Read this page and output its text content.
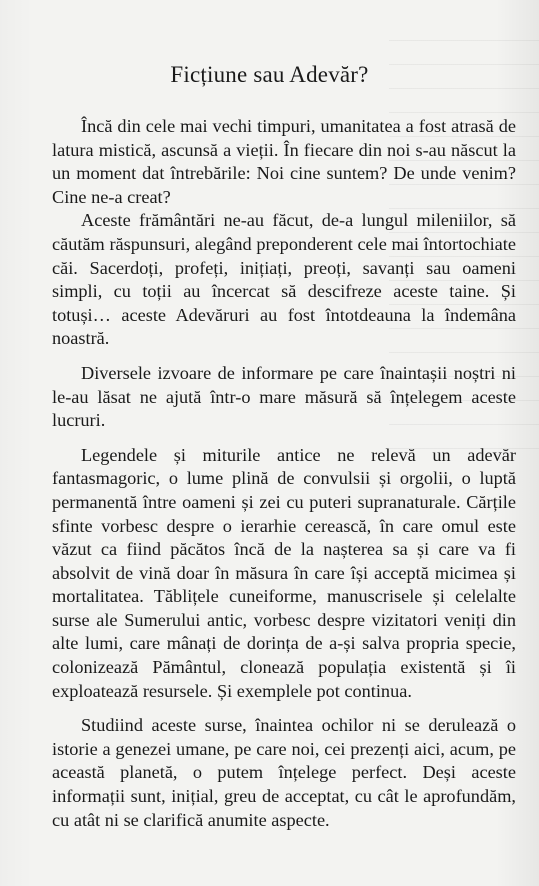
Ficțiune sau Adevăr?

Încă din cele mai vechi timpuri, umanitatea a fost atrasă de latura mistică, ascunsă a vieții. În fiecare din noi s-au născut la un moment dat întrebările: Noi cine suntem? De unde venim? Cine ne-a creat?

Aceste frământări ne-au făcut, de-a lungul mileniilor, să căutăm răspunsuri, alegând preponderent cele mai întortochiate căi. Sacerdoți, profeți, inițiați, preoți, savanți sau oameni simpli, cu toții au încercat să descifreze aceste taine. Și totuși… aceste Adevăruri au fost întotdeauna la îndemâna noastră.

Diversele izvoare de informare pe care înaintașii noștri ni le-au lăsat ne ajută într-o mare măsură să înțelegem aceste lucruri.

Legendele și miturile antice ne relevă un adevăr fantasmagoric, o lume plină de convulsii și orgolii, o luptă permanentă între oameni și zei cu puteri supranaturale. Cărțile sfinte vorbesc despre o ierarhie cerească, în care omul este văzut ca fiind păcătos încă de la nașterea sa și care va fi absolvit de vină doar în măsura în care își acceptă micimea și mortalitatea. Tăblițele cuneiforme, manuscrisele și celelalte surse ale Sumerului antic, vorbesc despre vizitatori veniți din alte lumi, care mânați de dorința de a-și salva propria specie, colonizează Pământul, clonează populația existentă și îi exploatează resursele. Și exemplele pot continua.

Studiind aceste surse, înaintea ochilor ni se derulează o istorie a genezei umane, pe care noi, cei prezenți aici, acum, pe această planetă, o putem înțelege perfect. Deși aceste informații sunt, inițial, greu de acceptat, cu cât le aprofundăm, cu atât ni se clarifică anumite aspecte.
